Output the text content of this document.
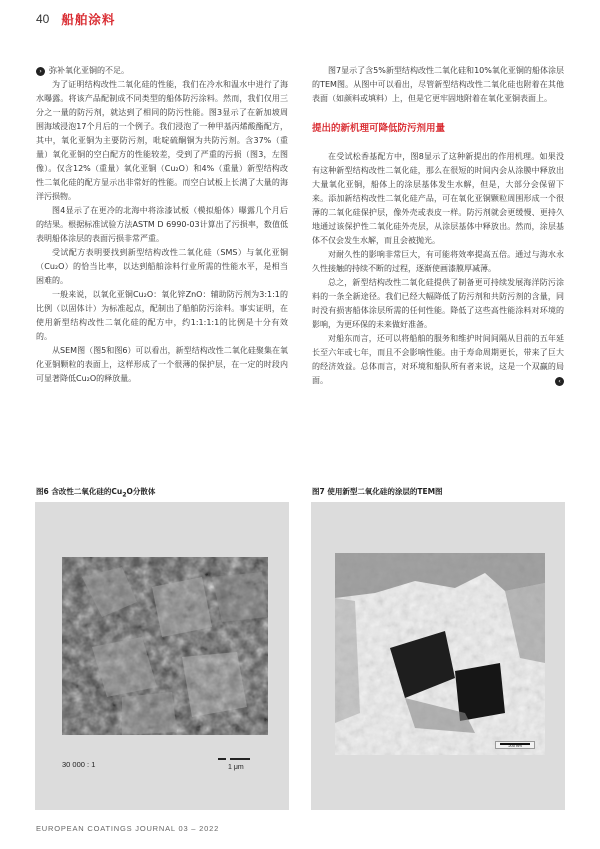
40 船舶涂料

› 弥补氧化亚铜的不足。

为了证明结构改性二氧化硅的性能，我们在冷水和温水中进行了海水曝露。将该产品配制成不同类型的船体防污涂料。然而，我们仅用三分之一量的防污剂，就达到了相同的防污性能。图3显示了在新加坡周围海域浸泡17个月后的一个例子。我们浸泡了一种甲基丙烯酸酯配方，其中，氧化亚铜为主要防污剂，吡啶硫酮铜为共防污剂。含37%（重量）氧化亚铜的空白配方的性能较差，受到了严重的污损（图3，左图像）。仅含12%（重量）氧化亚铜（Cu₂O）和4%（重量）新型结构改性二氧化硅的配方显示出非常好的性能。而空白试板上长满了大量的海洋污损物。

图4显示了在更冷的北海中将涂漆试板（模拟船体）曝露几个月后的结果。根据标准试验方法ASTM D 6990-03计算出了污损率，数值低表明船体涂层的表面污损非常严重。

受试配方表明要找到新型结构改性二氧化硅（SMS）与氧化亚铜（Cu₂O）的恰当比率，以达到船舶涂料行业所需的性能水平，是相当困难的。

一般来说，以氧化亚铜Cu₂O：氧化锌ZnO：辅助防污剂为3:1:1的比例（以固体计）为标准起点，配制出了船舶防污涂料。事实证明，在使用新型结构改性二氧化硅的配方中，约1:1:1:1的比例是十分有效的。

从SEM图（图5和图6）可以看出，新型结构改性二氧化硅聚集在氧化亚铜颗粒的表面上，这样形成了一个很薄的保护层，在一定的时段内可显著降低Cu₂O的释放量。

图7显示了含5%新型结构改性二氧化硅和10%氧化亚铜的船体涂层的TEM图。从图中可以看出，尽管新型结构改性二氧化硅也附着在其他表面（如颜料或填料）上，但是它更牢固地附着在氧化亚铜表面上。

提出的新机理可降低防污剂用量

在受试松香基配方中，图8显示了这种新提出的作用机理。如果没有这种新型结构改性二氧化硅，那么在很短的时间内会从涂膜中释放出大量氧化亚铜，船体上的涂层基体发生水解，但是，大部分会保留下来。添加新结构改性二氧化硅产品，可在氧化亚铜颗粒周围形成一个很薄的二氧化硅保护层，像外壳或表皮一样。防污剂就会更缓慢、更持久地通过该保护性二氧化硅外壳层，从涂层基体中释放出。然而，涂层基体不仅会发生水解，而且会被抛光。

对耐久性的影响非常巨大，有可能将效率提高五倍。通过与海水永久性接触的持续不断的过程，逐渐使画漆膜厚减薄。

总之，新型结构改性二氧化硅提供了制备更可持续发展海洋防污涂料的一条全新途径。我们已经大幅降低了防污剂和共防污剂的含量，同时没有损害船体涂层所需的任何性能。降低了这些高性能涂料对环境的影响，为更环保的未来做好准备。

对船东而言，还可以将船舶的服务和维护时间间隔从目前的五年延长至六年或七年，而且不会影响性能。由于寿命周期更长，带来了巨大的经济效益。总体而言，对环境和船队所有者来说，这是一个双赢的局面。	‹

图6 含改性二氧化硅的$Cu_2O$分散体	图7 使用新型二氧化硅的涂层的TEM图
30 000 : 1	1 μm
200 nm
EUROPEAN COATINGS JOURNAL 03 – 2022
